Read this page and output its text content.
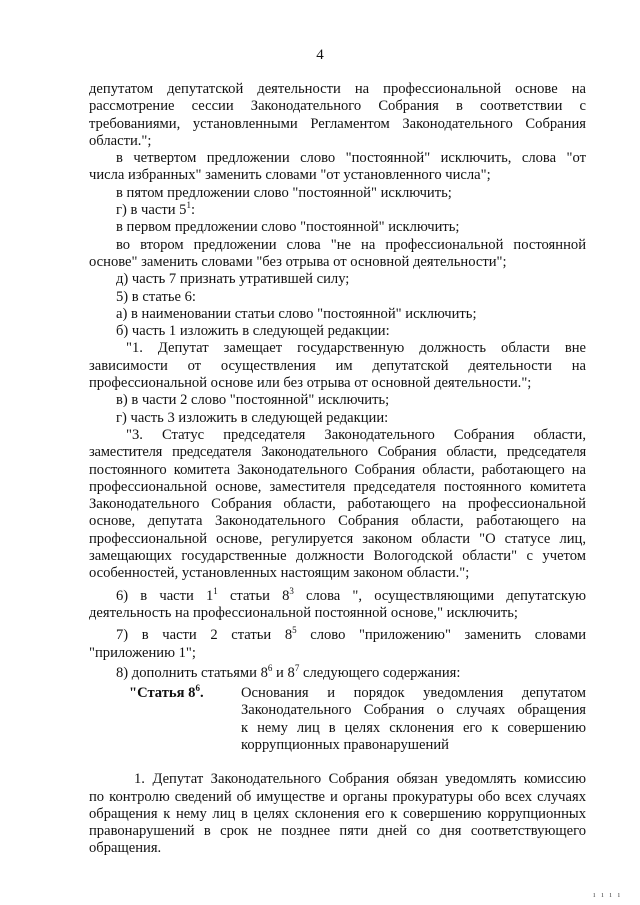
4

депутатом депутатской деятельности на профессиональной основе на

рассмотрение сессии Законодательного Собрания в соответствии с

требованиями, установленными Регламентом Законодательного Собрания

области.";

в четвертом предложении слово "постоянной" исключить, слова "от

числа избранных" заменить словами "от установленного числа";

в пятом предложении слово "постоянной" исключить;

г) в части $5^1$:

в первом предложении слово "постоянной" исключить;

во втором предложении слова "не на профессиональной постоянной

основе" заменить словами "без отрыва от основной деятельности";

д) часть 7 признать утратившей силу;

5) в статье 6:

а) в наименовании статьи слово "постоянной" исключить;

б) часть 1 изложить в следующей редакции:

"1. Депутат замещает государственную должность области вне

зависимости от осуществления им депутатской деятельности на

профессиональной основе или без отрыва от основной деятельности.";

в) в части 2 слово "постоянной" исключить;

г) часть 3 изложить в следующей редакции:

"3. Статус председателя Законодательного Собрания области,

заместителя председателя Законодательного Собрания области, председателя

постоянного комитета Законодательного Собрания области, работающего на

профессиональной основе, заместителя председателя постоянного комитета

Законодательного Собрания области, работающего на профессиональной

основе, депутата Законодательного Собрания области, работающего на

профессиональной основе, регулируется законом области "О статусе лиц,

замещающих государственные должности Вологодской области" с учетом

особенностей, установленных настоящим законом области.";

6) в части $1^1$ статьи $8^3$ слова ", осуществляющими депутатскую

деятельность на профессиональной постоянной основе," исключить;

7) в части 2 статьи $8^5$ слово "приложению" заменить словами

"приложению 1";

8) дополнить статьями $8^6$ и $8^7$ следующего содержания:

"Статья $8^6$.	Основания и порядок уведомления депутатом

Законодательного Собрания о случаях обращения

к нему лиц в целях склонения его к совершению

коррупционных правонарушений

1. Депутат Законодательного Собрания обязан уведомлять комиссию

по контролю сведений об имуществе и органы прокуратуры обо всех случаях

обращения к нему лиц в целях склонения его к совершению коррупционных

правонарушений в срок не позднее пяти дней со дня соответствующего

обращения.

ı ı ı ı
